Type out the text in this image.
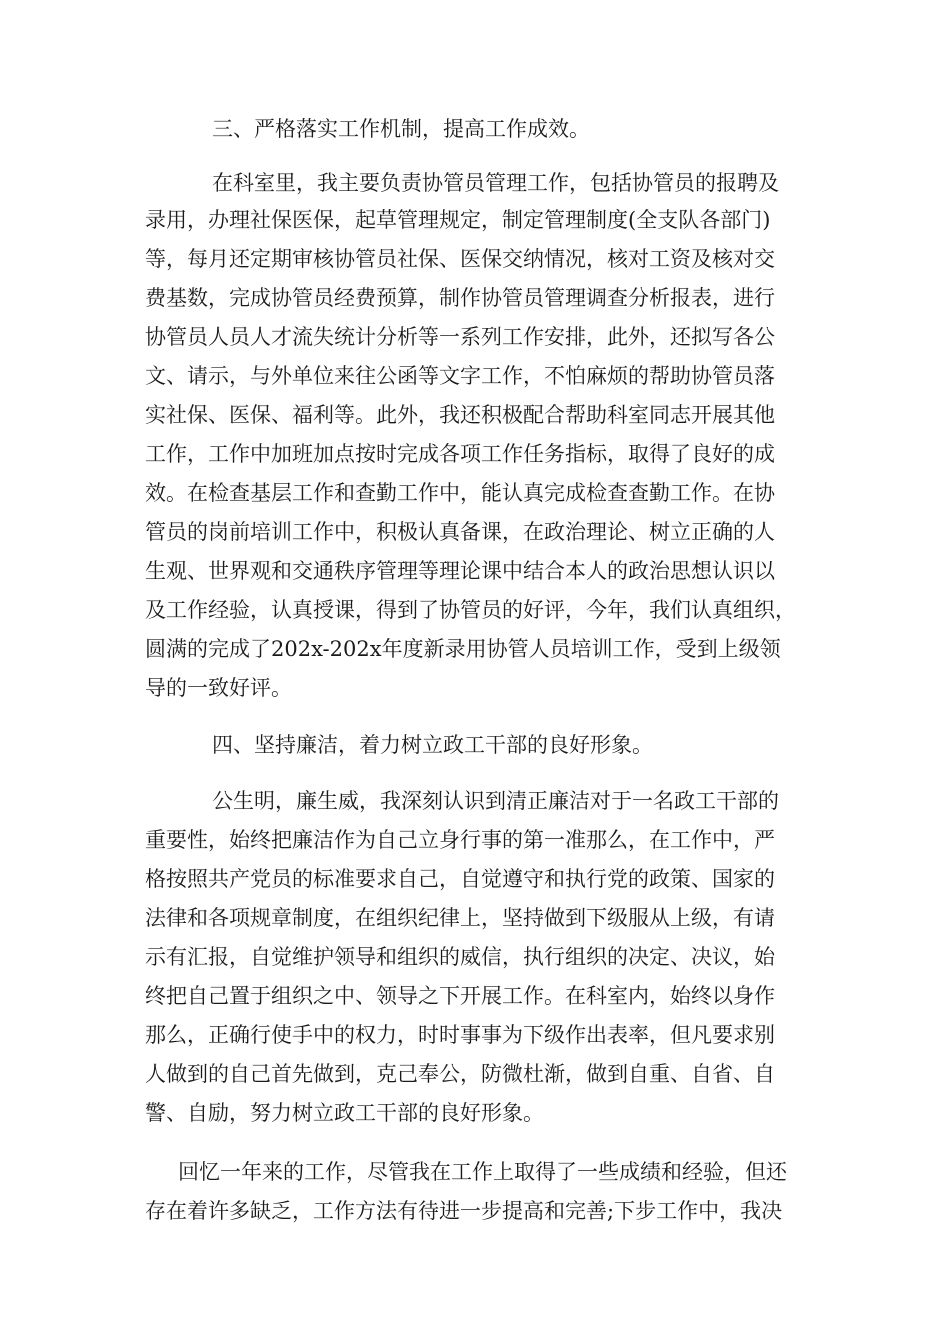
三、严格落实工作机制，提高工作成效。
在科室里，我主要负责协管员管理工作，包括协管员的报聘及
录用，办理社保医保，起草管理规定，制定管理制度(全支队各部门)
等，每月还定期审核协管员社保、医保交纳情况，核对工资及核对交
费基数，完成协管员经费预算，制作协管员管理调查分析报表，进行
协管员人员人才流失统计分析等一系列工作安排，此外，还拟写各公
文、请示，与外单位来往公函等文字工作，不怕麻烦的帮助协管员落
实社保、医保、福利等。此外，我还积极配合帮助科室同志开展其他
工作，工作中加班加点按时完成各项工作任务指标，取得了良好的成
效。在检查基层工作和查勤工作中，能认真完成检查查勤工作。在协
管员的岗前培训工作中，积极认真备课，在政治理论、树立正确的人
生观、世界观和交通秩序管理等理论课中结合本人的政治思想认识以
及工作经验，认真授课，得到了协管员的好评，今年，我们认真组织，
圆满的完成了202x-202x年度新录用协管人员培训工作，受到上级领
导的一致好评。
四、坚持廉洁，着力树立政工干部的良好形象。
公生明，廉生威，我深刻认识到清正廉洁对于一名政工干部的
重要性，始终把廉洁作为自己立身行事的第一准那么，在工作中，严
格按照共产党员的标准要求自己，自觉遵守和执行党的政策、国家的
法律和各项规章制度，在组织纪律上，坚持做到下级服从上级，有请
示有汇报，自觉维护领导和组织的威信，执行组织的决定、决议，始
终把自己置于组织之中、领导之下开展工作。在科室内，始终以身作
那么，正确行使手中的权力，时时事事为下级作出表率，但凡要求别
人做到的自己首先做到，克己奉公，防微杜渐，做到自重、自省、自
警、自励，努力树立政工干部的良好形象。
回忆一年来的工作，尽管我在工作上取得了一些成绩和经验，但还
存在着许多缺乏，工作方法有待进一步提高和完善;下步工作中，我决
